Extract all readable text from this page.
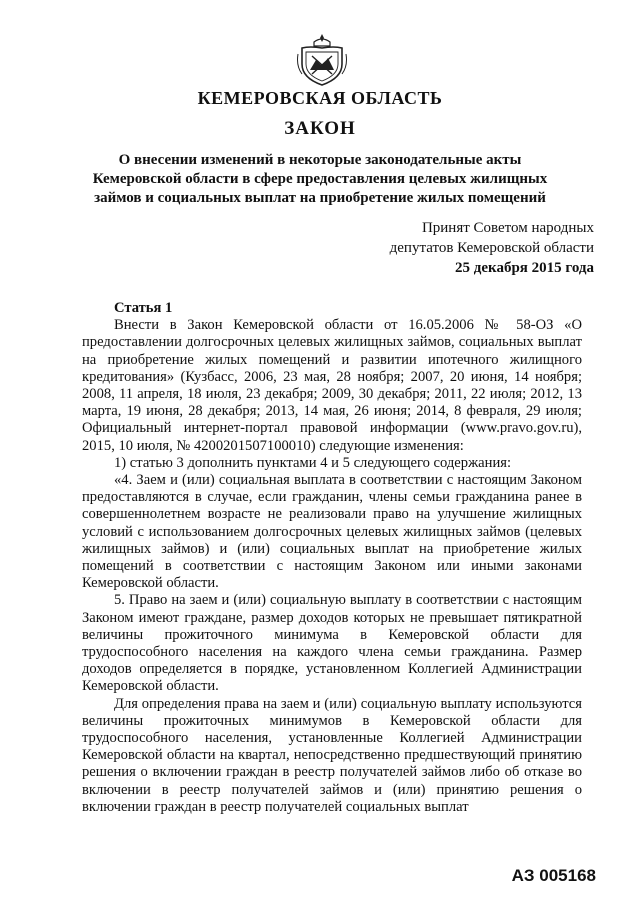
КЕМЕРОВСКАЯ ОБЛАСТЬ
ЗАКОН
О внесении изменений в некоторые законодательные акты
Кемеровской области в сфере предоставления целевых жилищных
займов и социальных выплат на приобретение жилых помещений
Принят Советом народных
депутатов Кемеровской области
25 декабря 2015 года

Статья 1

Внести в Закон Кемеровской области от 16.05.2006 № 58-ОЗ «О предоставлении долгосрочных целевых жилищных займов, социальных выплат на приобретение жилых помещений и развитии ипотечного жилищного кредитования» (Кузбасс, 2006, 23 мая, 28 ноября; 2007, 20 июня, 14 ноября; 2008, 11 апреля, 18 июля, 23 декабря; 2009, 30 декабря; 2011, 22 июля; 2012, 13 марта, 19 июня, 28 декабря; 2013, 14 мая, 26 июня; 2014, 8 февраля, 29 июля; Официальный интернет-портал правовой информации (www.pravo.gov.ru), 2015, 10 июля, № 4200201507100010) следующие изменения:

1) статью 3 дополнить пунктами 4 и 5 следующего содержания:

«4. Заем и (или) социальная выплата в соответствии с настоящим Законом предоставляются в случае, если гражданин, члены семьи гражданина ранее в совершеннолетнем возрасте не реализовали право на улучшение жилищных условий с использованием долгосрочных целевых жилищных займов (целевых жилищных займов) и (или) социальных выплат на приобретение жилых помещений в соответствии с настоящим Законом или иными законами Кемеровской области.

5. Право на заем и (или) социальную выплату в соответствии с настоящим Законом имеют граждане, размер доходов которых не превышает пятикратной величины прожиточного минимума в Кемеровской области для трудоспособного населения на каждого члена семьи гражданина. Размер доходов определяется в порядке, установленном Коллегией Администрации Кемеровской области.

Для определения права на заем и (или) социальную выплату используются величины прожиточных минимумов в Кемеровской области для трудоспособного населения, установленные Коллегией Администрации Кемеровской области на квартал, непосредственно предшествующий принятию решения о включении граждан в реестр получателей займов либо об отказе во включении в реестр получателей займов и (или) принятию решения о включении граждан в реестр получателей социальных выплат

АЗ 005168
